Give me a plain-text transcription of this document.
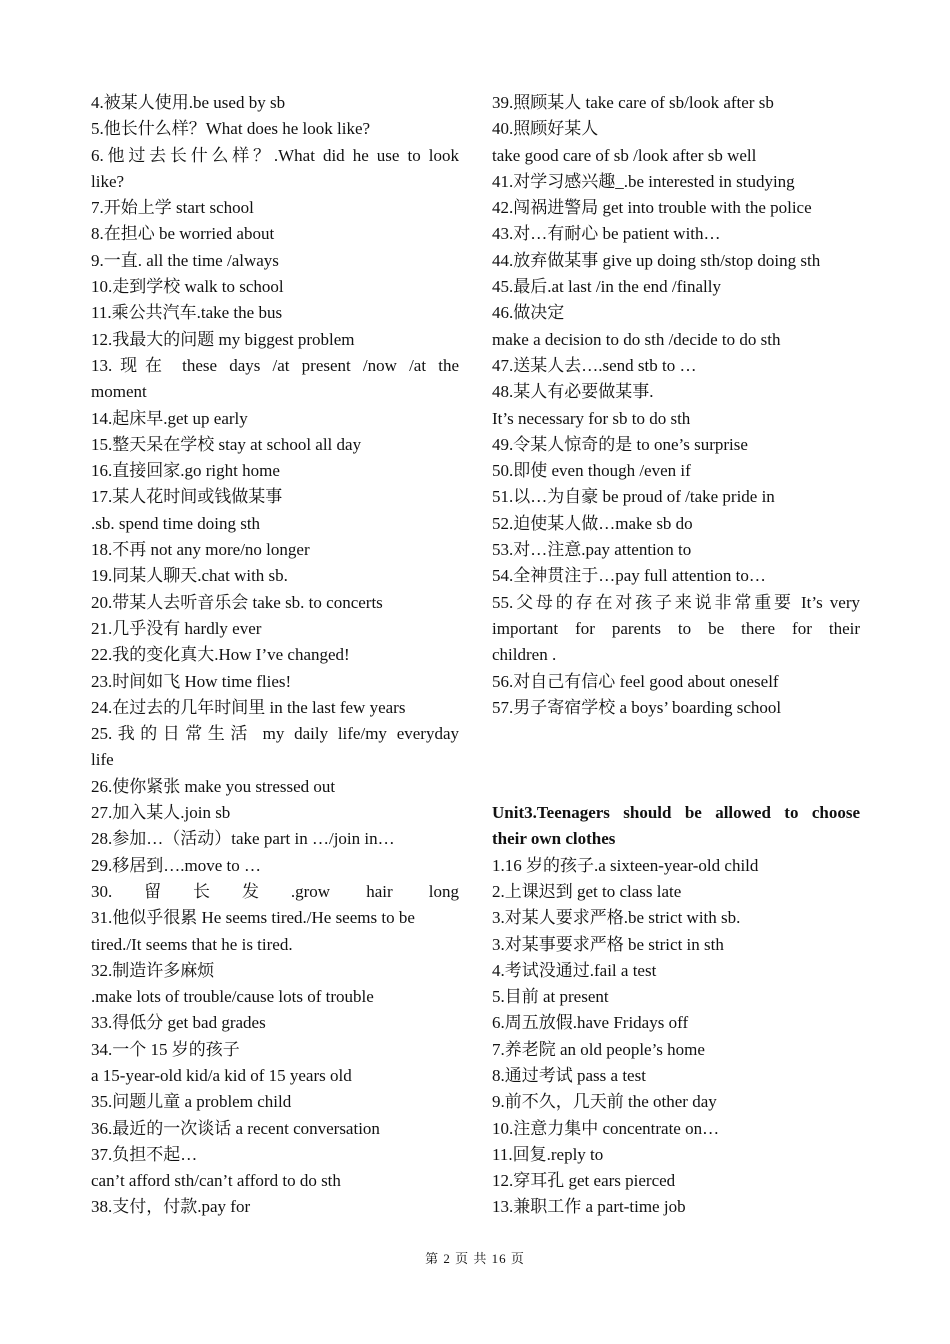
4.被某人使用.be used by sb
5.他长什么样？What does he look like?
6.他过去长什么样？.What did he use to look
like?
7.开始上学 start school
8.在担心 be worried about
9.一直. all the time /always
10.走到学校 walk to school
11.乘公共汽车.take the bus
12.我最大的问题 my biggest problem
13.现在 these days /at present /now /at the
moment
14.起床早.get up early
15.整天呆在学校 stay at school all day
16.直接回家.go right home
17.某人花时间或钱做某事
.sb. spend time doing sth
18.不再 not any more/no longer
19.同某人聊天.chat with sb.
20.带某人去听音乐会 take sb. to concerts
21.几乎没有 hardly ever
22.我的变化真大.How I’ve changed!
23.时间如飞 How time flies!
24.在过去的几年时间里 in the last few years
25.我的日常生活 my daily life/my everyday
life
26.使你紧张 make you stressed out
27.加入某人.join sb
28.参加…（活动）take part in …/join in…
29.移居到….move to …
30.留长发.grow hair long
31.他似乎很累 He seems tired./He seems to be
tired./It seems that he is tired.
32.制造许多麻烦
.make lots of trouble/cause lots of trouble
33.得低分 get bad grades
34.一个 15 岁的孩子
a 15-year-old kid/a kid of 15 years old
35.问题儿童 a problem child
36.最近的一次谈话 a recent conversation
37.负担不起…
can’t afford sth/can’t afford to do sth
38.支付，付款.pay for
39.照顾某人 take care of sb/look after sb
40.照顾好某人
take good care of sb /look after sb well
41.对学习感兴趣_.be interested in studying
42.闯祸进警局 get into trouble with the police
43.对…有耐心 be patient with…
44.放弃做某事 give up doing sth/stop doing sth
45.最后.at last /in the end /finally
46.做决定
make a decision to do sth /decide to do sth
47.送某人去….send stb to …
48.某人有必要做某事.
It’s necessary for sb to do sth
49.令某人惊奇的是 to one’s surprise
50.即使 even though /even if
51.以…为自豪 be proud of /take pride in
52.迫使某人做…make sb do
53.对…注意.pay attention to
54.全神贯注于…pay full attention to…
55.父母的存在对孩子来说非常重要 It’s very
important for parents to be there for their
children .
56.对自己有信心 feel good about oneself
57.男子寄宿学校 a boys’ boarding school
Unit3.Teenagers should be allowed to choose
their own clothes
1.16 岁的孩子.a sixteen-year-old child
2.上课迟到 get to class late
3.对某人要求严格.be strict with sb.
3.对某事要求严格 be strict in sth
4.考试没通过.fail a test
5.目前 at present
6.周五放假.have Fridays off
7.养老院 an old people’s home
8.通过考试 pass a test
9.前不久，几天前 the other day
10.注意力集中 concentrate on…
11.回复.reply to
12.穿耳孔 get ears pierced
13.兼职工作 a part-time job
第 2 页 共 16 页
